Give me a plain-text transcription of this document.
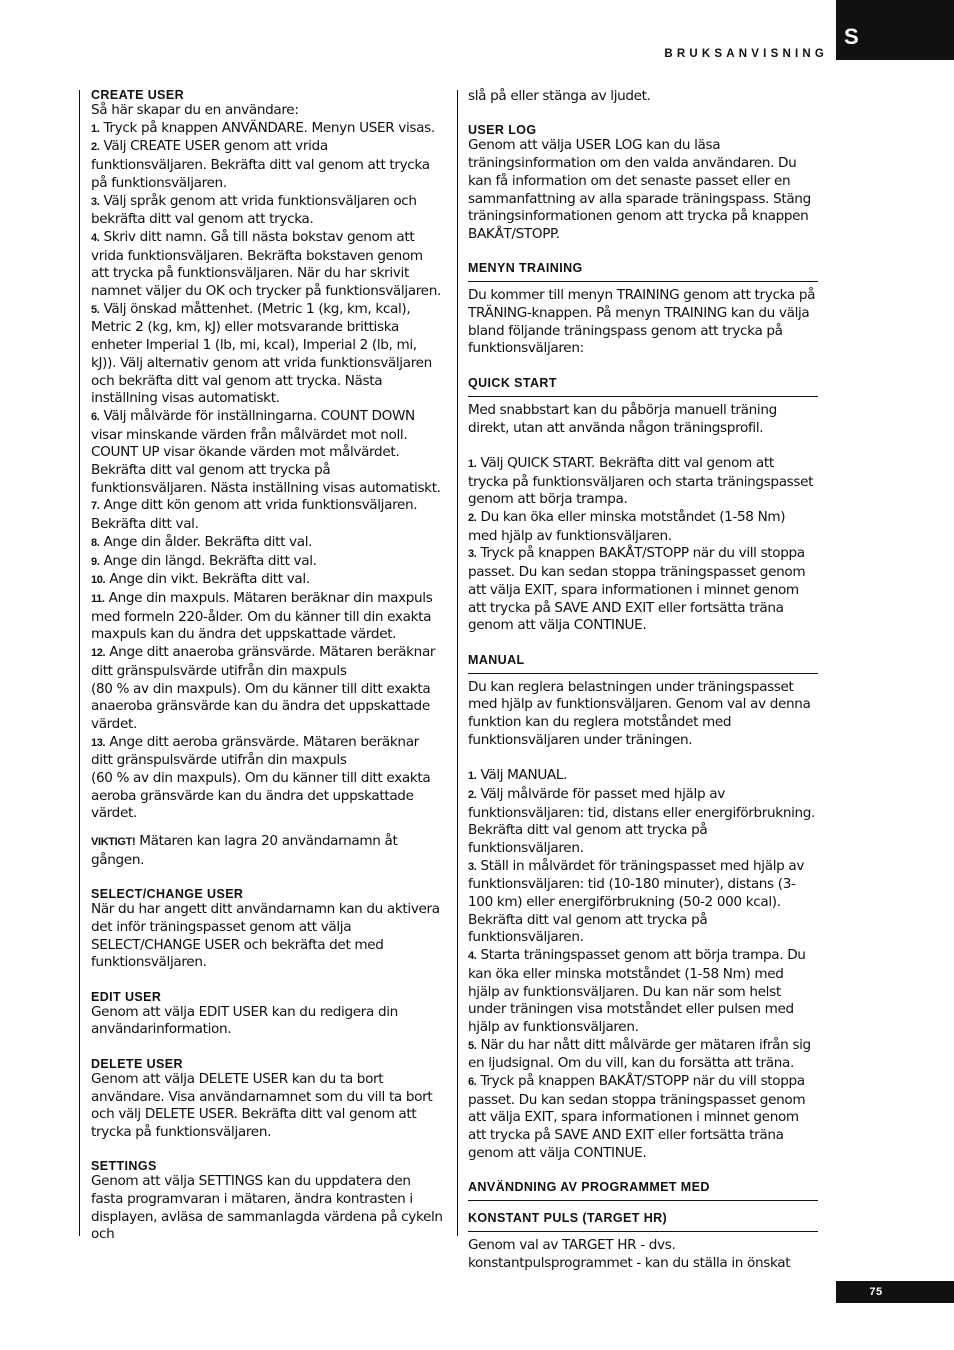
S
BRUKSANVISNING

CREATE USER

Så här skapar du en användare:

1. Tryck på knappen ANVÄNDARE. Menyn USER visas.

2. Välj CREATE USER genom att vrida funktionsväljaren. Bekräfta ditt val genom att trycka på funktionsväljaren.

3. Välj språk genom att vrida funktionsväljaren och bekräfta ditt val genom att trycka.

4. Skriv ditt namn. Gå till nästa bokstav genom att vrida funktionsväljaren. Bekräfta bokstaven genom att trycka på funktionsväljaren. När du har skrivit namnet väljer du OK och trycker på funktionsväljaren.

5. Välj önskad måttenhet. (Metric 1 (kg, km, kcal), Metric 2 (kg, km, kJ) eller motsvarande brittiska enheter Imperial 1 (lb, mi, kcal), Imperial 2 (lb, mi, kJ)). Välj alternativ genom att vrida funktionsväljaren och bekräfta ditt val genom att trycka. Nästa inställning visas automatiskt.

6. Välj målvärde för inställningarna. COUNT DOWN visar minskande värden från målvärdet mot noll. COUNT UP visar ökande värden mot målvärdet. Bekräfta ditt val genom att trycka på funktionsväljaren. Nästa inställning visas automatiskt.

7. Ange ditt kön genom att vrida funktionsväljaren. Bekräfta ditt val.

8. Ange din ålder. Bekräfta ditt val.

9. Ange din längd. Bekräfta ditt val.

10. Ange din vikt. Bekräfta ditt val.

11. Ange din maxpuls. Mätaren beräknar din maxpuls med formeln 220-ålder. Om du känner till din exakta maxpuls kan du ändra det uppskattade värdet.

12. Ange ditt anaeroba gränsvärde. Mätaren beräknar ditt gränspulsvärde utifrån din maxpuls
(80 % av din maxpuls). Om du känner till ditt exakta anaeroba gränsvärde kan du ändra det uppskattade värdet.

13. Ange ditt aeroba gränsvärde. Mätaren beräknar ditt gränspulsvärde utifrån din maxpuls
(60 % av din maxpuls). Om du känner till ditt exakta aeroba gränsvärde kan du ändra det uppskattade värdet.

VIKTIGT! Mätaren kan lagra 20 användarnamn åt gången.

SELECT/CHANGE USER

När du har angett ditt användarnamn kan du aktivera det inför träningspasset genom att välja SELECT/CHANGE USER och bekräfta det med funktionsväljaren.

EDIT USER

Genom att välja EDIT USER kan du redigera din användarinformation.

DELETE USER

Genom att välja DELETE USER kan du ta bort användare. Visa användarnamnet som du vill ta bort och välj DELETE USER. Bekräfta ditt val genom att trycka på funktionsväljaren.

SETTINGS

Genom att välja SETTINGS kan du uppdatera den fasta programvaran i mätaren, ändra kontrasten i displayen, avläsa de sammanlagda värdena på cykeln och

slå på eller stänga av ljudet.

USER LOG

Genom att välja USER LOG kan du läsa träningsinformation om den valda användaren. Du kan få information om det senaste passet eller en sammanfattning av alla sparade träningspass. Stäng träningsinformationen genom att trycka på knappen BAKÅT/STOPP.

MENYN TRAINING

Du kommer till menyn TRAINING genom att trycka på TRÄNING-knappen. På menyn TRAINING kan du välja bland följande träningspass genom att trycka på funktionsväljaren:

QUICK START

Med snabbstart kan du påbörja manuell träning direkt, utan att använda någon träningsprofil.

1. Välj QUICK START. Bekräfta ditt val genom att trycka på funktionsväljaren och starta träningspasset genom att börja trampa.

2. Du kan öka eller minska motståndet (1-58 Nm) med hjälp av funktionsväljaren.

3. Tryck på knappen BAKÅT/STOPP när du vill stoppa passet. Du kan sedan stoppa träningspasset genom att välja EXIT, spara informationen i minnet genom att trycka på SAVE AND EXIT eller fortsätta träna genom att välja CONTINUE.

MANUAL

Du kan reglera belastningen under träningspasset med hjälp av funktionsväljaren. Genom val av denna funktion kan du reglera motståndet med funktionsväljaren under träningen.

1. Välj MANUAL.

2. Välj målvärde för passet med hjälp av funktionsväljaren: tid, distans eller energiförbrukning. Bekräfta ditt val genom att trycka på funktionsväljaren.

3. Ställ in målvärdet för träningspasset med hjälp av funktionsväljaren: tid (10-180 minuter), distans (3-100 km) eller energiförbrukning (50-2 000 kcal). Bekräfta ditt val genom att trycka på funktionsväljaren.

4. Starta träningspasset genom att börja trampa. Du kan öka eller minska motståndet (1-58 Nm) med hjälp av funktionsväljaren. Du kan när som helst under träningen visa motståndet eller pulsen med hjälp av funktionsväljaren.

5. När du har nått ditt målvärde ger mätaren ifrån sig en ljudsignal. Om du vill, kan du forsätta att träna.

6. Tryck på knappen BAKÅT/STOPP när du vill stoppa passet. Du kan sedan stoppa träningspasset genom att välja EXIT, spara informationen i minnet genom att trycka på SAVE AND EXIT eller fortsätta träna genom att välja CONTINUE.

ANVÄNDNING AV PROGRAMMET MED

KONSTANT PULS (TARGET HR)

Genom val av TARGET HR - dvs. konstantpulsprogrammet - kan du ställa in önskat

75
